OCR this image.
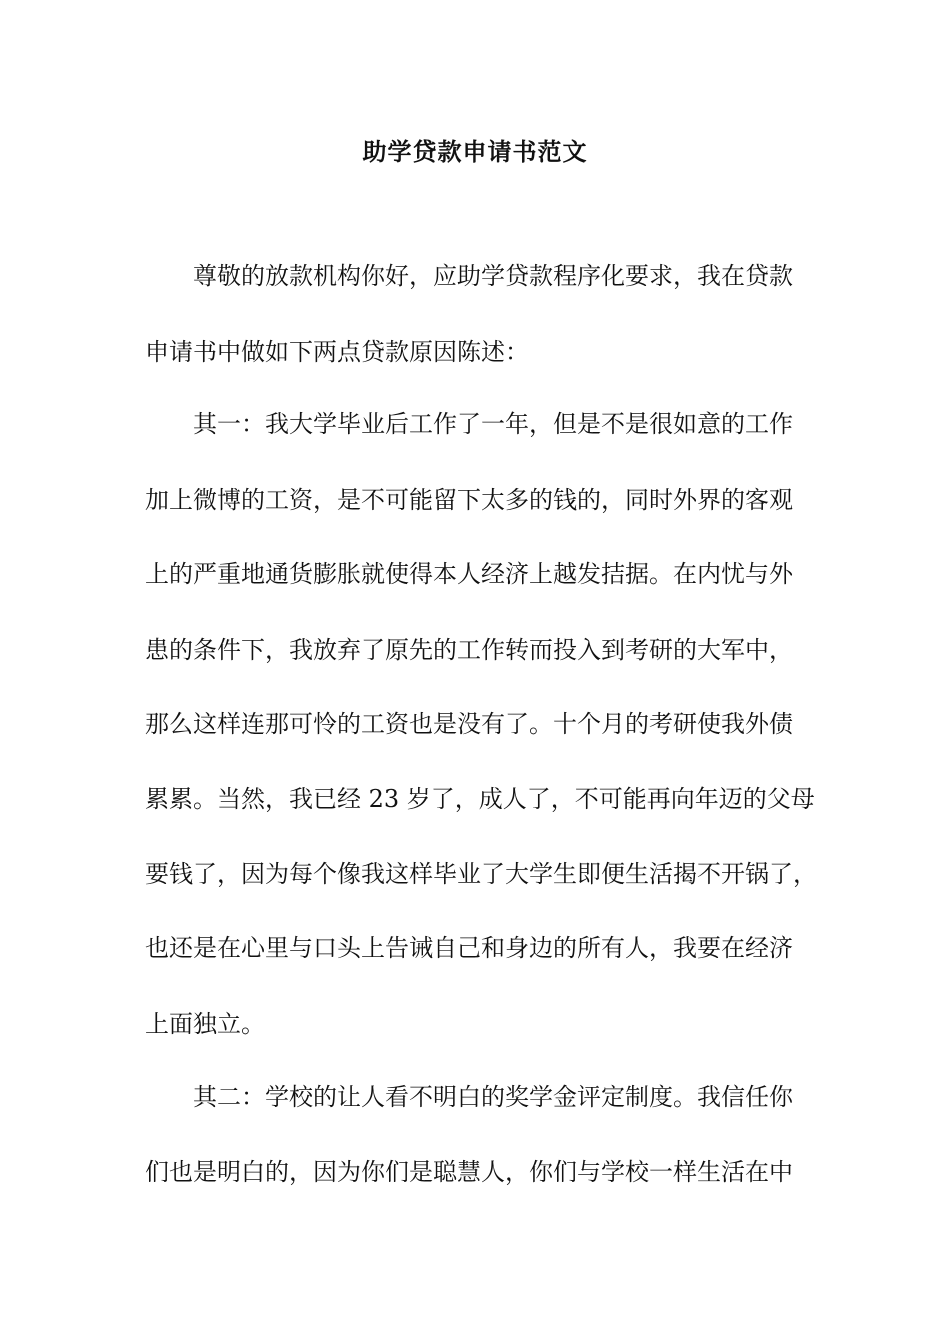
助学贷款申请书范文
尊敬的放款机构你好，应助学贷款程序化要求，我在贷款
申请书中做如下两点贷款原因陈述：
其一：我大学毕业后工作了一年，但是不是很如意的工作
加上微博的工资，是不可能留下太多的钱的，同时外界的客观
上的严重地通货膨胀就使得本人经济上越发拮据。在内忧与外
患的条件下，我放弃了原先的工作转而投入到考研的大军中，
那么这样连那可怜的工资也是没有了。十个月的考研使我外债
累累。当然，我已经 23 岁了，成人了，不可能再向年迈的父母
要钱了，因为每个像我这样毕业了大学生即便生活揭不开锅了，
也还是在心里与口头上告诫自己和身边的所有人，我要在经济
上面独立。
其二：学校的让人看不明白的奖学金评定制度。我信任你
们也是明白的，因为你们是聪慧人，你们与学校一样生活在中
